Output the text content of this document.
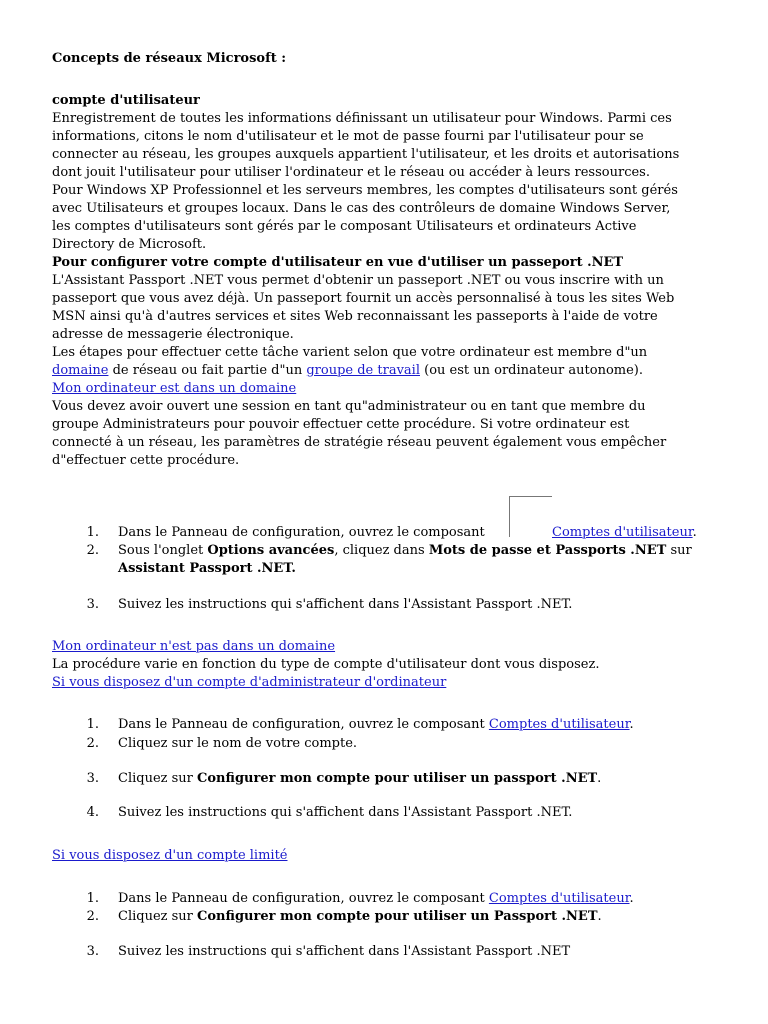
Concepts de réseaux Microsoft :
compte d'utilisateur
Enregistrement de toutes les informations définissant un utilisateur pour Windows. Parmi ces
informations, citons le nom d'utilisateur et le mot de passe fourni par l'utilisateur pour se
connecter au réseau, les groupes auxquels appartient l'utilisateur, et les droits et autorisations
dont jouit l'utilisateur pour utiliser l'ordinateur et le réseau ou accéder à leurs ressources.
Pour Windows XP Professionnel et les serveurs membres, les comptes d'utilisateurs sont gérés
avec Utilisateurs et groupes locaux. Dans le cas des contrôleurs de domaine Windows Server,
les comptes d'utilisateurs sont gérés par le composant Utilisateurs et ordinateurs Active
Directory de Microsoft.
Pour configurer votre compte d'utilisateur en vue d'utiliser un passeport .NET
L'Assistant Passport .NET vous permet d'obtenir un passeport .NET ou vous inscrire with un
passeport que vous avez déjà. Un passeport fournit un accès personnalisé à tous les sites Web
MSN ainsi qu'à d'autres services et sites Web reconnaissant les passeports à l'aide de votre
adresse de messagerie électronique.
Les étapes pour effectuer cette tâche varient selon que votre ordinateur est membre d"un
domaine de réseau ou fait partie d"un groupe de travail (ou est un ordinateur autonome).
Mon ordinateur est dans un domaine
Vous devez avoir ouvert une session en tant qu"administrateur ou en tant que membre du
groupe Administrateurs pour pouvoir effectuer cette procédure. Si votre ordinateur est
connecté à un réseau, les paramètres de stratégie réseau peuvent également vous empêcher
d"effectuer cette procédure.
1. Dans le Panneau de configuration, ouvrez le composant	Comptes d'utilisateur.
2. Sous l'onglet Options avancées, cliquez dans Mots de passe et Passports .NET sur
Assistant Passport .NET.
3. Suivez les instructions qui s'affichent dans l'Assistant Passport .NET.
Mon ordinateur n'est pas dans un domaine
La procédure varie en fonction du type de compte d'utilisateur dont vous disposez.
Si vous disposez d'un compte d'administrateur d'ordinateur
1. Dans le Panneau de configuration, ouvrez le composant Comptes d'utilisateur.
2. Cliquez sur le nom de votre compte.
3. Cliquez sur Configurer mon compte pour utiliser un passport .NET.
4. Suivez les instructions qui s'affichent dans l'Assistant Passport .NET.
Si vous disposez d'un compte limité
1. Dans le Panneau de configuration, ouvrez le composant Comptes d'utilisateur.
2. Cliquez sur Configurer mon compte pour utiliser un Passport .NET.
3. Suivez les instructions qui s'affichent dans l'Assistant Passport .NET
